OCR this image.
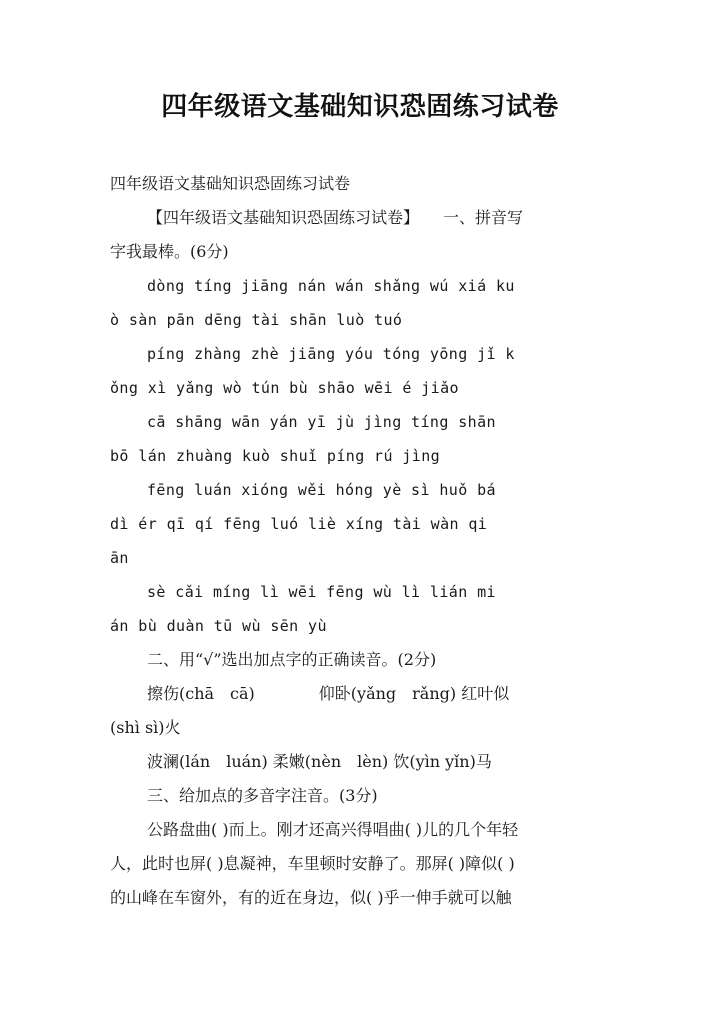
四年级语文基础知识恐固练习试卷
四年级语文基础知识恐固练习试卷
【四年级语文基础知识恐固练习试卷】　　一、拼音写
字我最棒。(6分)
dòng tíng jiāng nán wán shǎng wú xiá ku
ò sàn pān dēng tài shān luò tuó
píng zhàng zhè jiāng yóu tóng yōng jǐ k
ǒng xì yǎng wò tún bù shāo wēi é jiǎo
cā shāng wān yán yī jù jìng tíng shān
bō lán zhuàng kuò shuǐ píng rú jìng
fēng luán xióng wěi hóng yè sì huǒ bá
dì ér qī qí fēng luó liè xíng tài wàn qi
ān
sè cǎi míng lì wēi fēng wù lì lián mi
án bù duàn tū wù sēn yù
二、用“√”选出加点字的正确读音。(2分)
擦伤(chā　cā)　　　　仰卧(yǎng　rǎng) 红叶似
(shì sì)火
波澜(lán　luán) 柔嫩(nèn　lèn) 饮(yìn yǐn)马
三、给加点的多音字注音。(3分)
公路盘曲( )而上。刚才还高兴得唱曲( )儿的几个年轻
人，此时也屏( )息凝神，车里顿时安静了。那屏( )障似( )
的山峰在车窗外，有的近在身边，似( )乎一伸手就可以触
